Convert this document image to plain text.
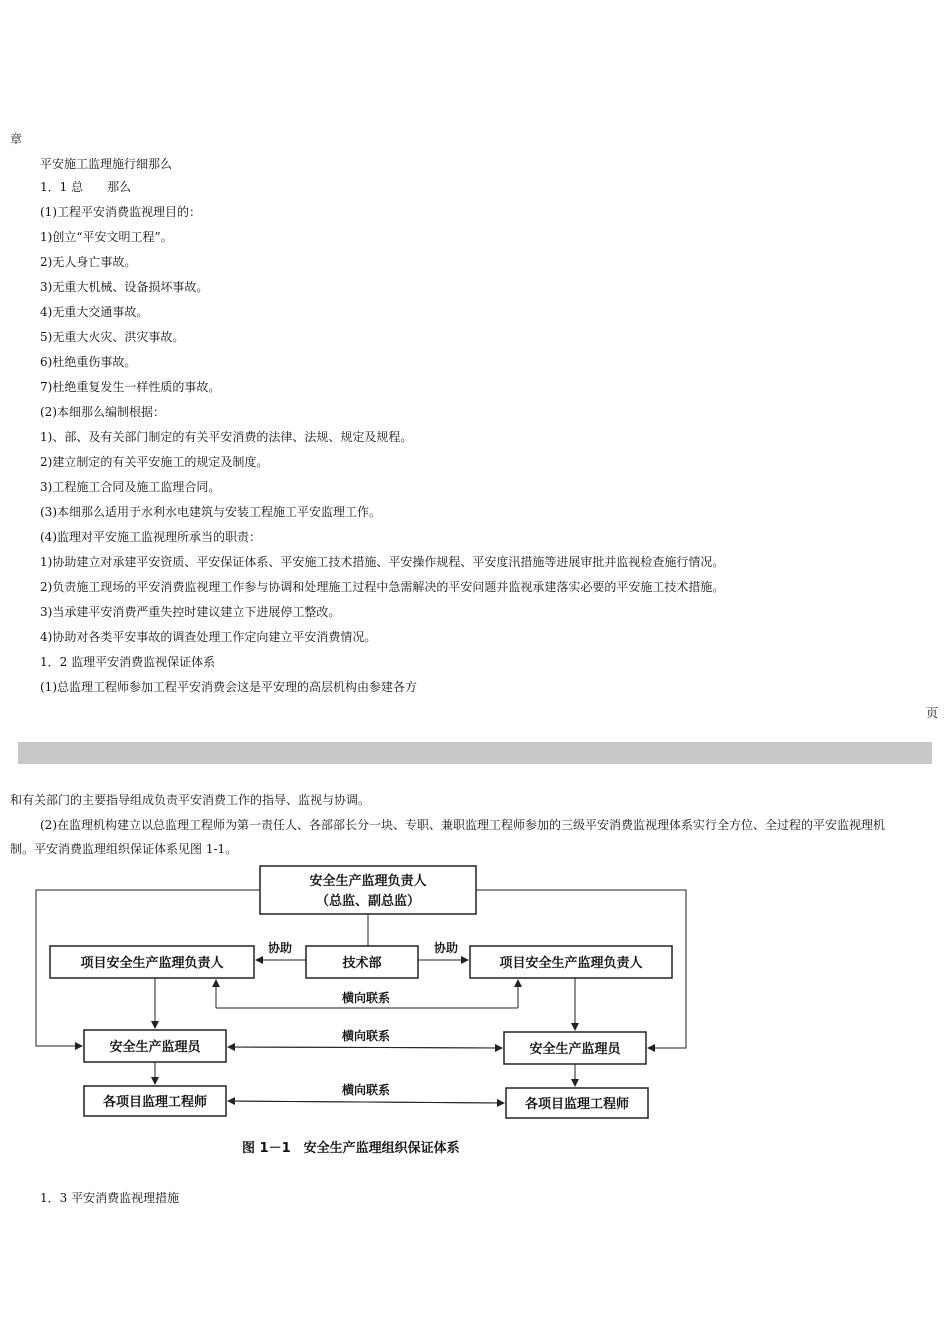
章
平安施工监理施行细那么
1．1 总　　那么
(1)工程平安消费监视理目的：
1)创立“平安文明工程”。
2)无人身亡事故。
3)无重大机械、设备损坏事故。
4)无重大交通事故。
5)无重大火灾、洪灾事故。
6)杜绝重伤事故。
7)杜绝重复发生一样性质的事故。
(2)本细那么编制根据：
1)、部、及有关部门制定的有关平安消费的法律、法规、规定及规程。
2)建立制定的有关平安施工的规定及制度。
3)工程施工合同及施工监理合同。
(3)本细那么适用于水利水电建筑与安装工程施工平安监理工作。
(4)监理对平安施工监视理所承当的职责：
1)协助建立对承建平安资质、平安保证体系、平安施工技术措施、平安操作规程、平安度汛措施等进展审批并监视检查施行情况。
2)负责施工现场的平安消费监视理工作参与协调和处理施工过程中急需解决的平安问题并监视承建落实必要的平安施工技术措施。
3)当承建平安消费严重失控时建议建立下进展停工整改。
4)协助对各类平安事故的调查处理工作定向建立平安消费情况。
1．2 监理平安消费监视保证体系
(1)总监理工程师参加工程平安消费会这是平安理的高层机构由参建各方
页
和有关部门的主要指导组成负责平安消费工作的指导、监视与协调。
(2)在监理机构建立以总监理工程师为第一责任人、各部部长分一块、专职、兼职监理工程师参加的三级平安消费监视理体系实行全方位、全过程的平安监视理机
制。平安消费监理组织保证体系见图 1-1。
安全生产监理负责人
（总监、副总监）
项目安全生产监理负责人	技术部	项目安全生产监理负责人
安全生产监理员	安全生产监理员
各项目监理工程师	各项目监理工程师
协助	协助
横向联系
横向联系
横向联系
图 1－1　安全生产监理组织保证体系
1．3 平安消费监视理措施
